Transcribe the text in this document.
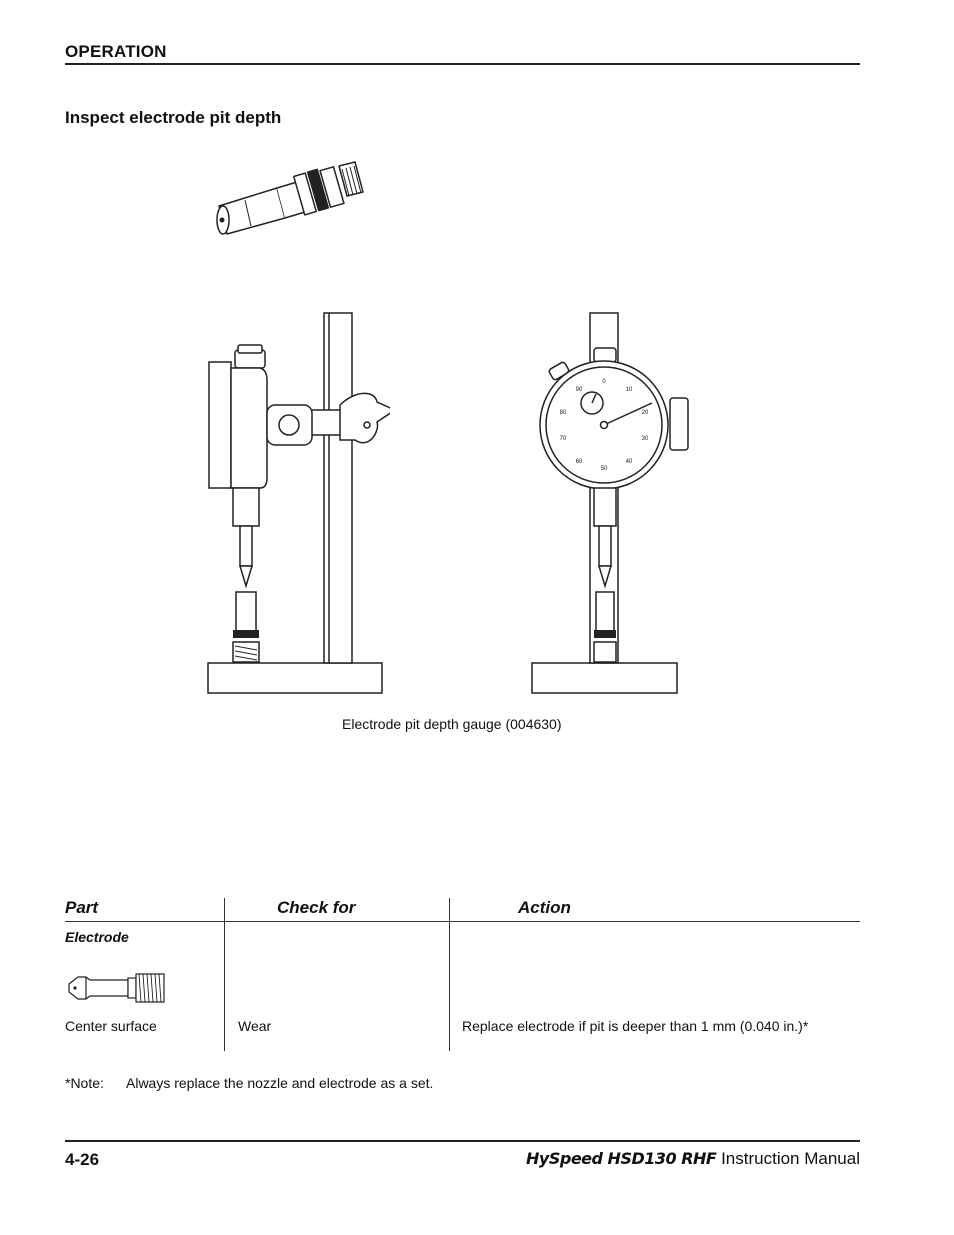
OPERATION
Inspect electrode pit depth
0
10
20
30
40
50
60
70
80
90
Electrode pit depth gauge (004630)
Part	Check for	Action
Electrode
Center surface	Wear	Replace electrode if pit is deeper than 1 mm (0.040 in.)*
*Note: Always replace the nozzle and electrode as a set.
4-26	HySpeed HSD130 RHF Instruction Manual
